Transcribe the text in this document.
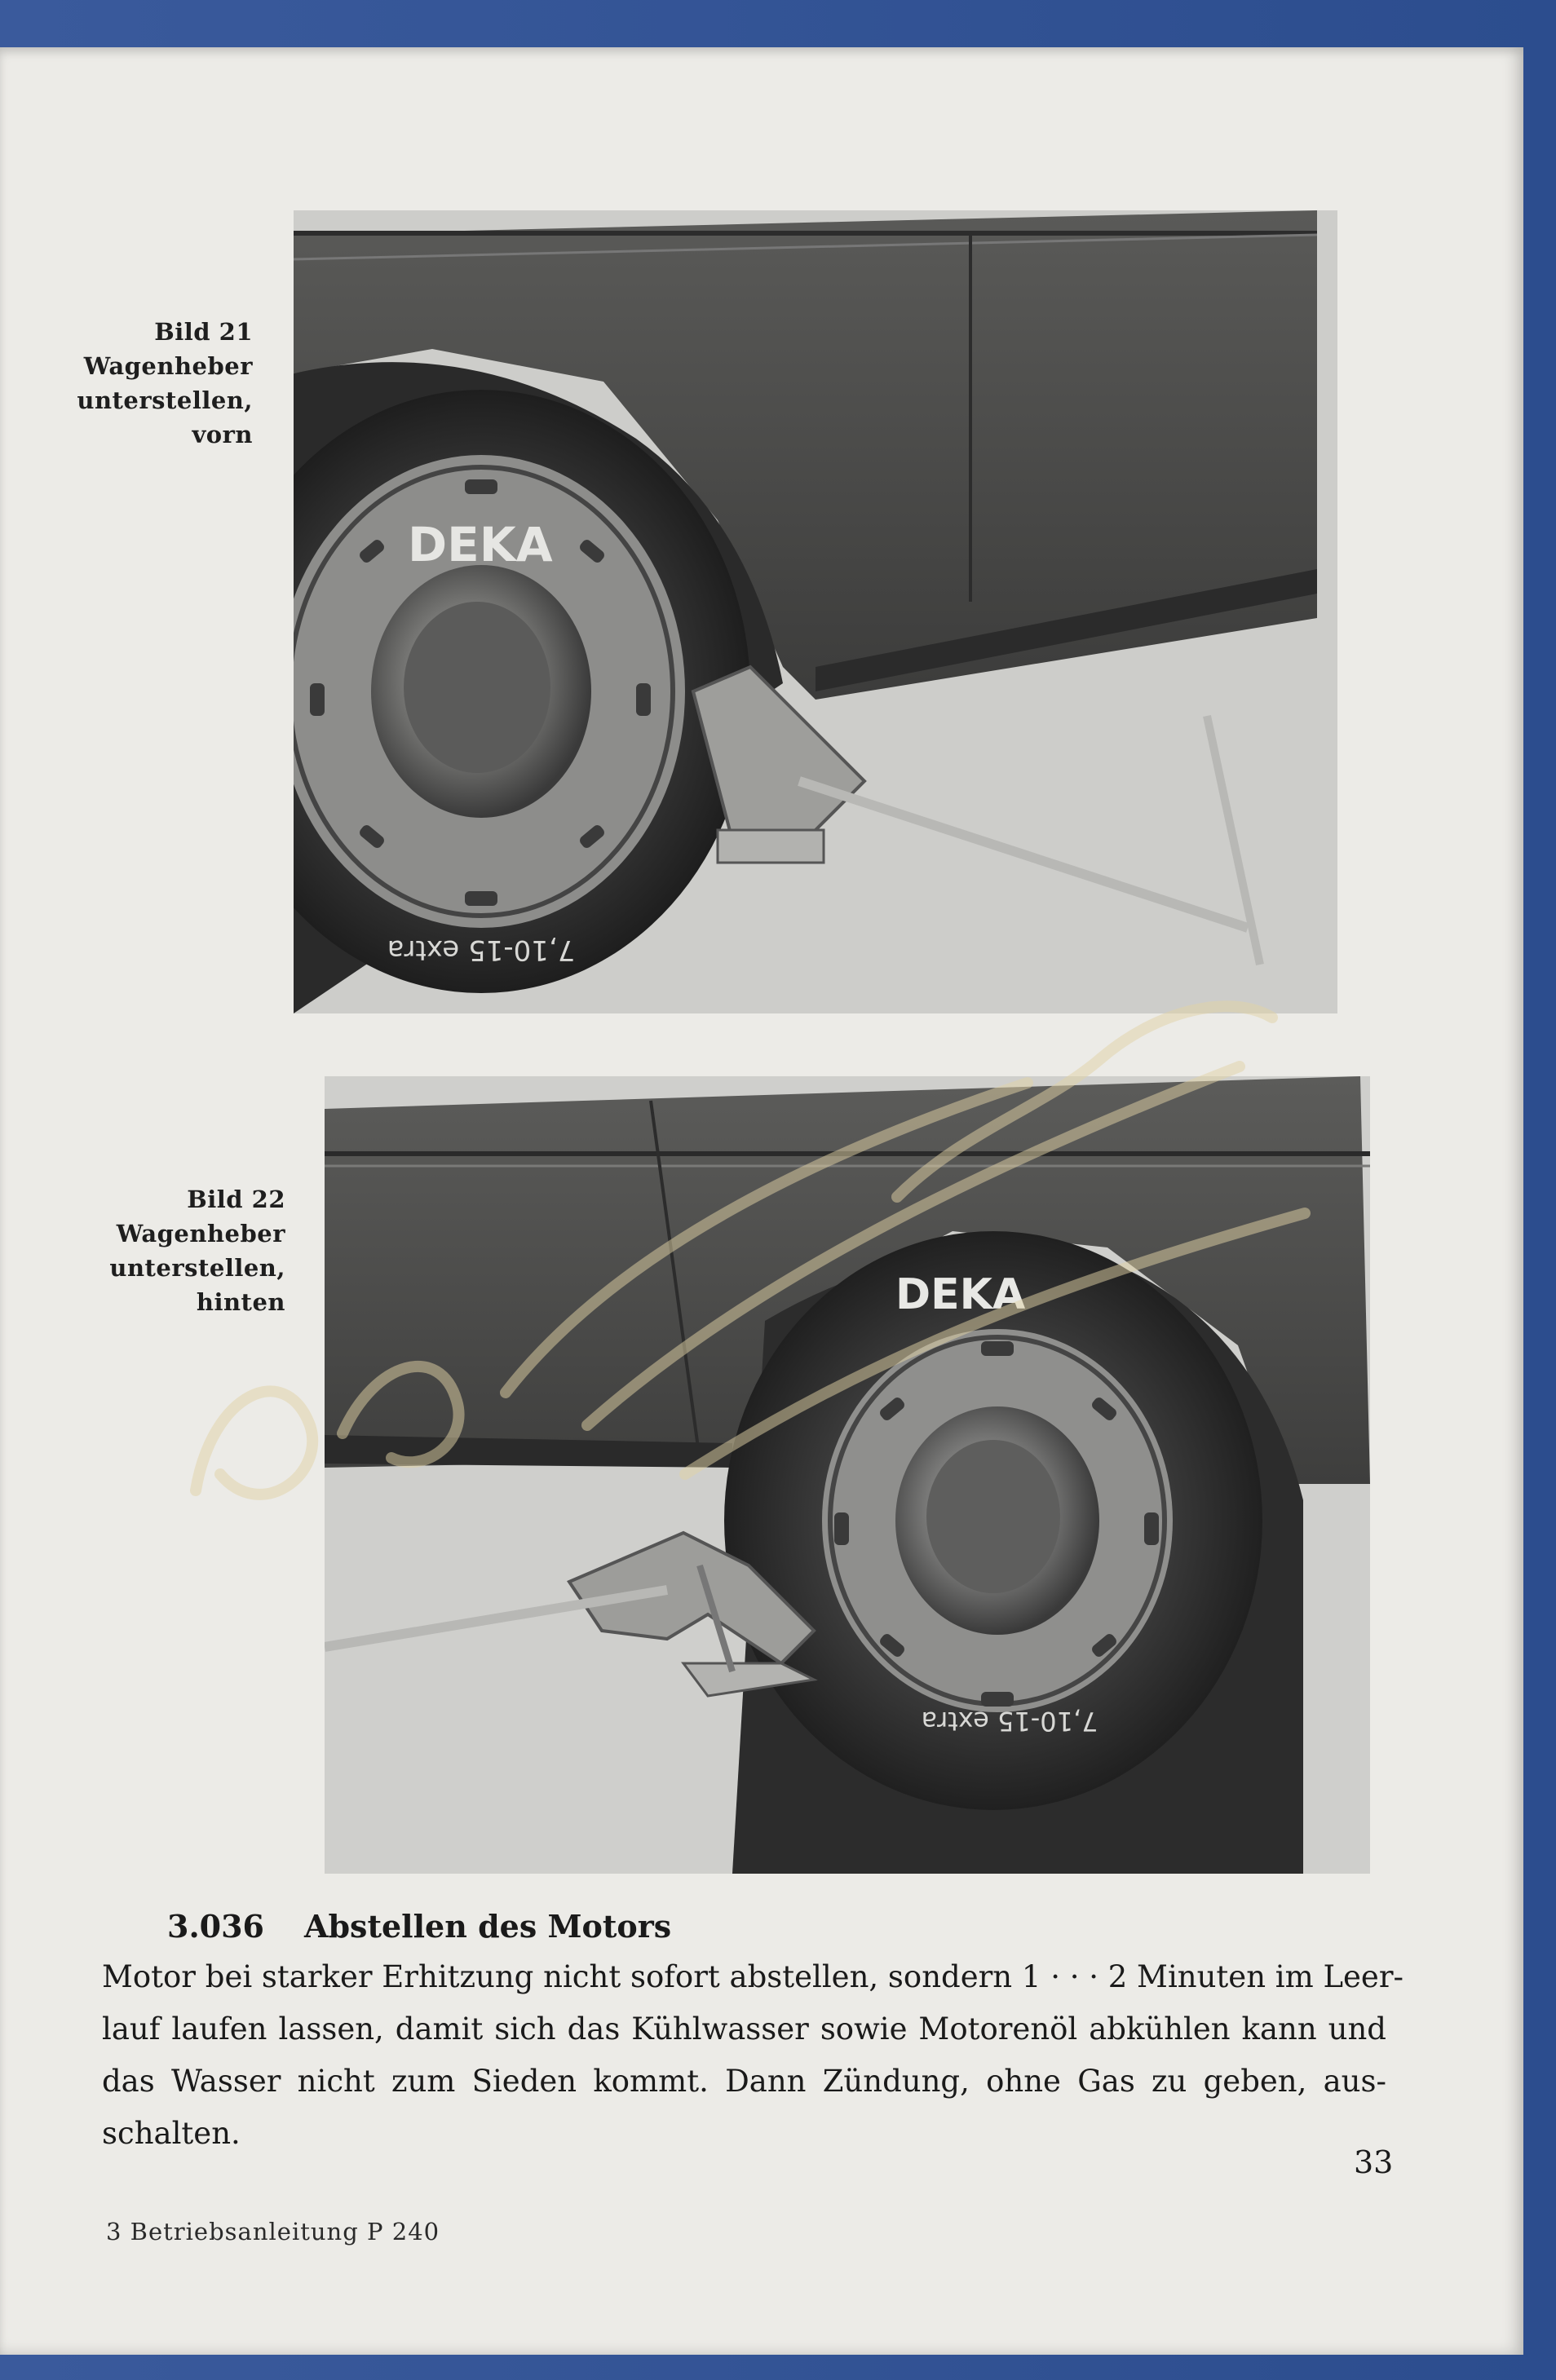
Bild 21
Wagenheber
unterstellen,
vorn
DEKA
7,10-15 extra
Bild 22
Wagenheber
unterstellen,
hinten	DEKA
7,10-15 extra
3.036 Abstellen des Motors
Motor bei starker Erhitzung nicht sofort abstellen, sondern 1 · · · 2 Minuten im Leer-
lauf laufen lassen, damit sich das Kühlwasser sowie Motorenöl abkühlen kann und
das Wasser nicht zum Sieden kommt. Dann Zündung, ohne Gas zu geben, aus-
schalten.
33
3 Betriebsanleitung P 240
